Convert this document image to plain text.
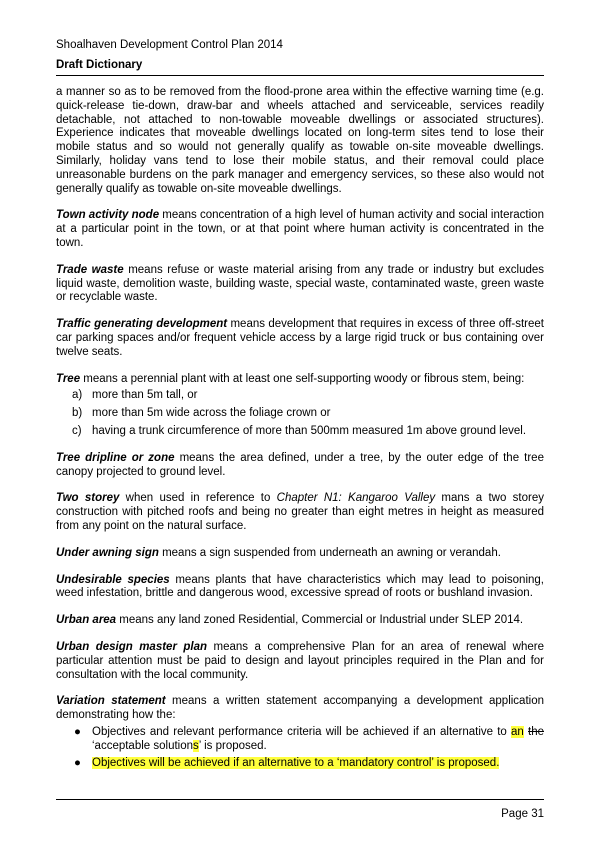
Shoalhaven Development Control Plan 2014
Draft Dictionary

a manner so as to be removed from the flood-prone area within the effective warning time (e.g. quick-release tie-down, draw-bar and wheels attached and serviceable, services readily detachable, not attached to non-towable moveable dwellings or associated structures). Experience indicates that moveable dwellings located on long-term sites tend to lose their mobile status and so would not generally qualify as towable on-site moveable dwellings. Similarly, holiday vans tend to lose their mobile status, and their removal could place unreasonable burdens on the park manager and emergency services, so these also would not generally qualify as towable on-site moveable dwellings.

Town activity node means concentration of a high level of human activity and social interaction at a particular point in the town, or at that point where human activity is concentrated in the town.

Trade waste means refuse or waste material arising from any trade or industry but excludes liquid waste, demolition waste, building waste, special waste, contaminated waste, green waste or recyclable waste.

Traffic generating development means development that requires in excess of three off-street car parking spaces and/or frequent vehicle access by a large rigid truck or bus containing over twelve seats.

Tree means a perennial plant with at least one self-supporting woody or fibrous stem, being:

a) more than 5m tall, or
b) more than 5m wide across the foliage crown or
c) having a trunk circumference of more than 500mm measured 1m above ground level.

Tree dripline or zone means the area defined, under a tree, by the outer edge of the tree canopy projected to ground level.

Two storey when used in reference to Chapter N1: Kangaroo Valley mans a two storey construction with pitched roofs and being no greater than eight metres in height as measured from any point on the natural surface.

Under awning sign means a sign suspended from underneath an awning or verandah.

Undesirable species means plants that have characteristics which may lead to poisoning, weed infestation, brittle and dangerous wood, excessive spread of roots or bushland invasion.

Urban area means any land zoned Residential, Commercial or Industrial under SLEP 2014.

Urban design master plan means a comprehensive Plan for an area of renewal where particular attention must be paid to design and layout principles required in the Plan and for consultation with the local community.

Variation statement means a written statement accompanying a development application demonstrating how the:

● Objectives and relevant performance criteria will be achieved if an alternative to an the ‘acceptable solutions’ is proposed.
● Objectives will be achieved if an alternative to a ‘mandatory control’ is proposed.
Page 31
